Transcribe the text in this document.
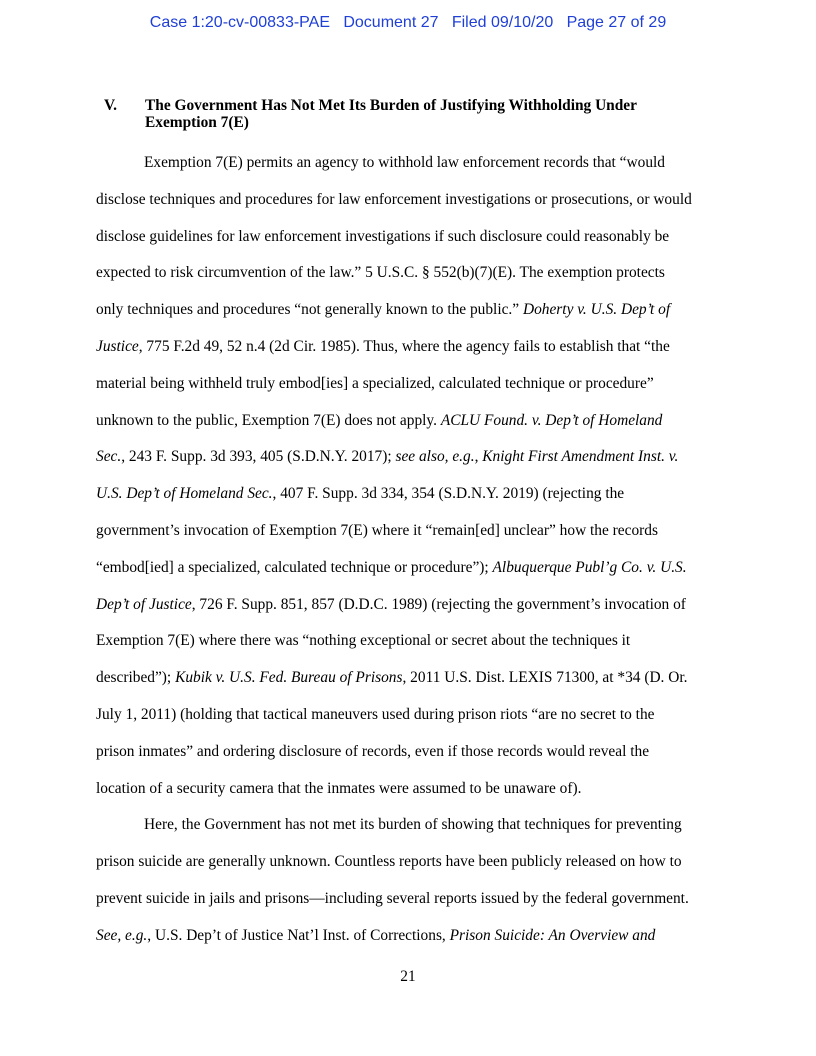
Case 1:20-cv-00833-PAE   Document 27   Filed 09/10/20   Page 27 of 29
V. The Government Has Not Met Its Burden of Justifying Withholding Under
Exemption 7(E)
Exemption 7(E) permits an agency to withhold law enforcement records that “would
disclose techniques and procedures for law enforcement investigations or prosecutions, or would
disclose guidelines for law enforcement investigations if such disclosure could reasonably be
expected to risk circumvention of the law.” 5 U.S.C. § 552(b)(7)(E). The exemption protects
only techniques and procedures “not generally known to the public.” Doherty v. U.S. Dep’t of
Justice, 775 F.2d 49, 52 n.4 (2d Cir. 1985). Thus, where the agency fails to establish that “the
material being withheld truly embod[ies] a specialized, calculated technique or procedure”
unknown to the public, Exemption 7(E) does not apply. ACLU Found. v. Dep’t of Homeland
Sec., 243 F. Supp. 3d 393, 405 (S.D.N.Y. 2017); see also, e.g., Knight First Amendment Inst. v.
U.S. Dep’t of Homeland Sec., 407 F. Supp. 3d 334, 354 (S.D.N.Y. 2019) (rejecting the
government’s invocation of Exemption 7(E) where it “remain[ed] unclear” how the records
“embod[ied] a specialized, calculated technique or procedure”); Albuquerque Publ’g Co. v. U.S.
Dep’t of Justice, 726 F. Supp. 851, 857 (D.D.C. 1989) (rejecting the government’s invocation of
Exemption 7(E) where there was “nothing exceptional or secret about the techniques it
described”); Kubik v. U.S. Fed. Bureau of Prisons, 2011 U.S. Dist. LEXIS 71300, at *34 (D. Or.
July 1, 2011) (holding that tactical maneuvers used during prison riots “are no secret to the
prison inmates” and ordering disclosure of records, even if those records would reveal the
location of a security camera that the inmates were assumed to be unaware of).
Here, the Government has not met its burden of showing that techniques for preventing
prison suicide are generally unknown. Countless reports have been publicly released on how to
prevent suicide in jails and prisons—including several reports issued by the federal government.
See, e.g., U.S. Dep’t of Justice Nat’l Inst. of Corrections, Prison Suicide: An Overview and
21
